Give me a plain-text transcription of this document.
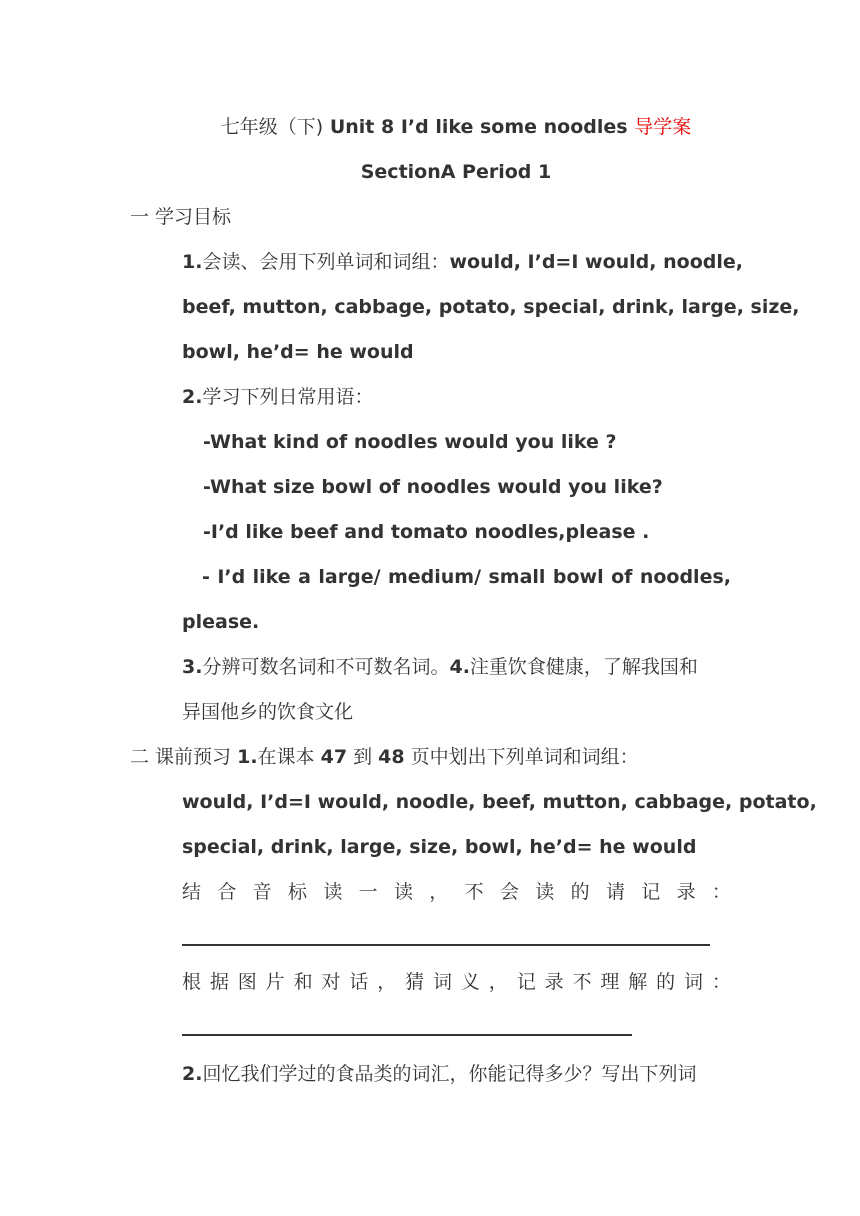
七年级（下) Unit 8 I’d like some noodles 导学案
SectionA Period 1
一 学习目标
1.会读、会用下列单词和词组：would, I’d=I would, noodle,
beef, mutton, cabbage, potato, special, drink, large, size,
bowl, he’d= he would
2.学习下列日常用语：
-What kind of noodles would you like ?
-What size bowl of noodles would you like?
-I’d like beef and tomato noodles,please .
- I’d like a large/ medium/ small bowl of noodles,
please.
3.分辨可数名词和不可数名词。4.注重饮食健康，了解我国和
异国他乡的饮食文化
二 课前预习 1.在课本 47 到 48 页中划出下列单词和词组：
would, I’d=I would, noodle, beef, mutton, cabbage, potato,
special, drink, large, size, bowl, he’d= he would
结 合 音 标 读 一 读 ， 不 会 读 的 请 记 录 ：
根 据 图 片 和 对 话 ， 猜 词 义 ， 记 录 不 理 解 的 词 ：
2.回忆我们学过的食品类的词汇，你能记得多少？写出下列词
